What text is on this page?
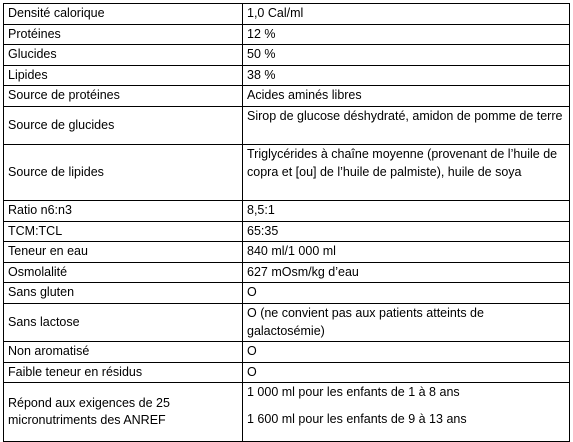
Densité calorique	1,0 Cal/ml
Protéines	12 %
Glucides	50 %
Lipides	38 %
Source de protéines	Acides aminés libres
Source de glucides	Sirop de glucose déshydraté, amidon de pomme de terre
Source de lipides	Triglycérides à chaîne moyenne (provenant de l’huile de copra et [ou] de l’huile de palmiste), huile de soya
Ratio n6:n3	8,5:1
TCM:TCL	65:35
Teneur en eau	840 ml/1 000 ml
Osmolalité	627 mOsm/kg d’eau
Sans gluten	O
Sans lactose	O (ne convient pas aux patients atteints de galactosémie)
Non aromatisé	O
Faible teneur en résidus	O
Répond aux exigences de 25 micronutriments des ANREF	1 000 ml pour les enfants de 1 à 8 ans
1 600 ml pour les enfants de 9 à 13 ans
